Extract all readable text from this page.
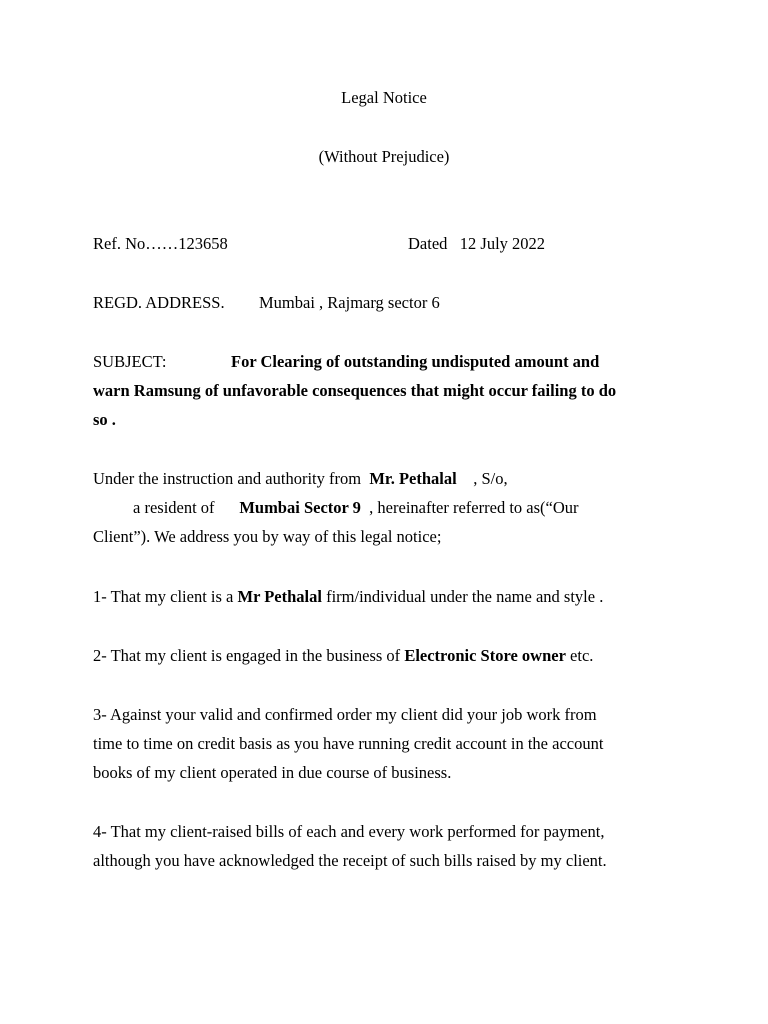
Legal Notice
(Without Prejudice)
Ref. No……123658	Dated 12 July 2022
REGD. ADDRESS. Mumbai , Rajmarg sector 6
SUBJECT:	For Clearing of outstanding undisputed amount and
warn Ramsung of unfavorable consequences that might occur failing to do
so .
Under the instruction and authority from Mr. Pethalal , S/o,
a resident of Mumbai Sector 9 , hereinafter referred to as(“Our
Client”). We address you by way of this legal notice;
1- That my client is a Mr Pethalal firm/individual under the name and style .
2- That my client is engaged in the business of Electronic Store owner etc.
3- Against your valid and confirmed order my client did your job work from
time to time on credit basis as you have running credit account in the account
books of my client operated in due course of business.
4- That my client-raised bills of each and every work performed for payment,
although you have acknowledged the receipt of such bills raised by my client.
